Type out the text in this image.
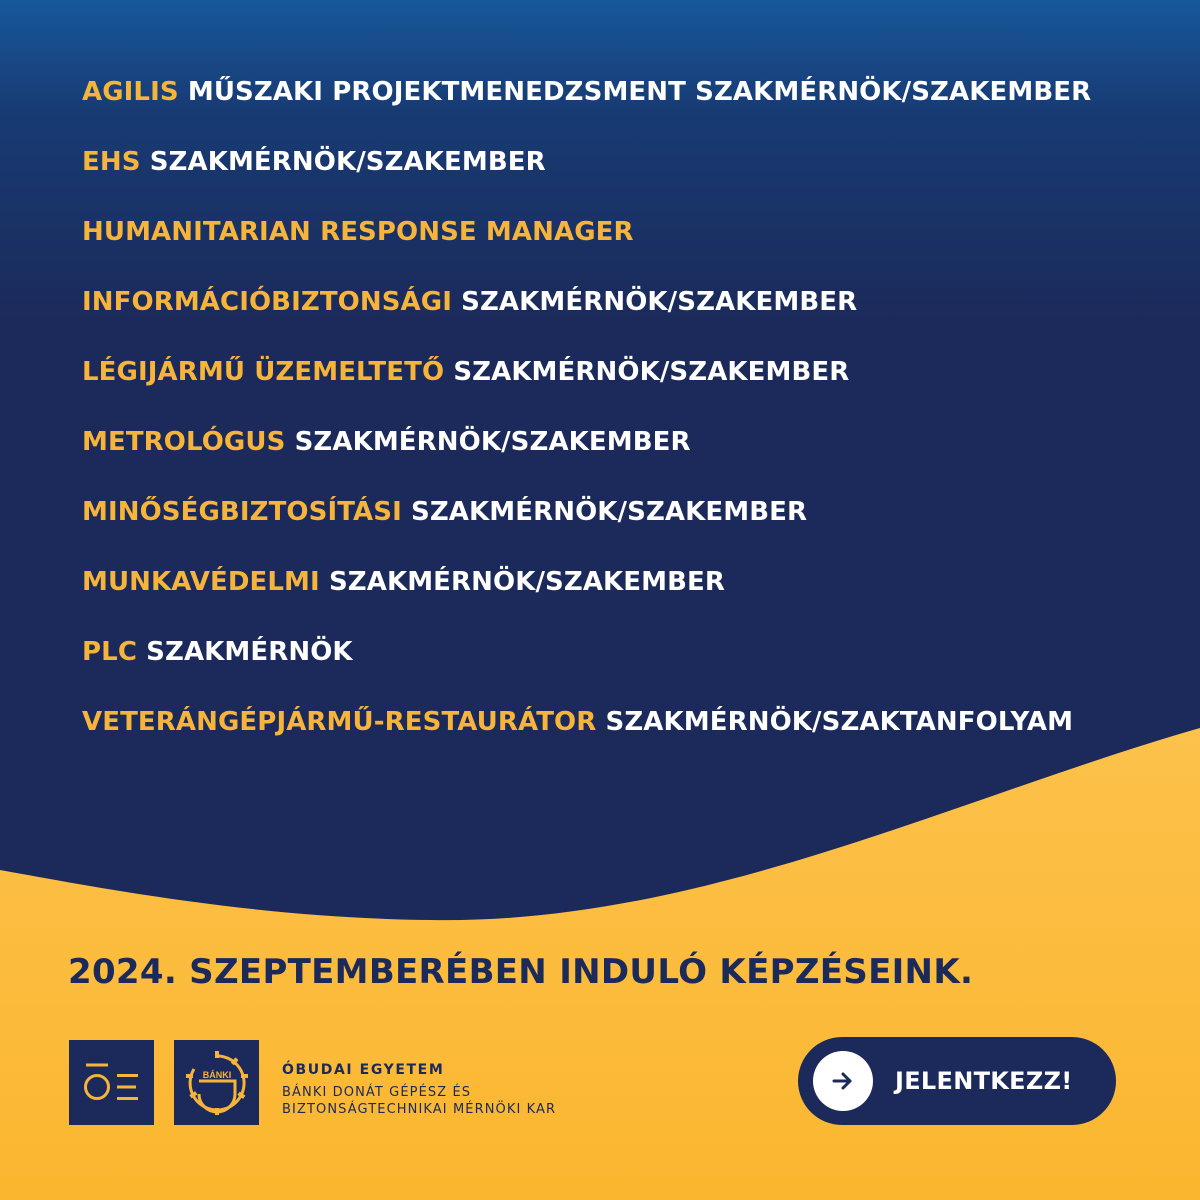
AGILIS MŰSZAKI PROJEKTMENEDZSMENT SZAKMÉRNÖK/SZAKEMBER
EHS SZAKMÉRNÖK/SZAKEMBER
HUMANITARIAN RESPONSE MANAGER
INFORMÁCIÓBIZTONSÁGI SZAKMÉRNÖK/SZAKEMBER
LÉGIJÁRMŰ ÜZEMELTETŐ SZAKMÉRNÖK/SZAKEMBER
METROLÓGUS SZAKMÉRNÖK/SZAKEMBER
MINŐSÉGBIZTOSÍTÁSI SZAKMÉRNÖK/SZAKEMBER
MUNKAVÉDELMI SZAKMÉRNÖK/SZAKEMBER
PLC SZAKMÉRNÖK
VETERÁNGÉPJÁRMŰ-RESTAURÁTOR SZAKMÉRNÖK/SZAKTANFOLYAM
2024. SZEPTEMBERÉBEN INDULÓ KÉPZÉSEINK.
ŌE
BÁNKI	ÓBUDAI EGYETEM
BÁNKI DONÁT GÉPÉSZ ÉS
BIZTONSÁGTECHNIKAI MÉRNÖKI KAR
JELENTKEZZ!
